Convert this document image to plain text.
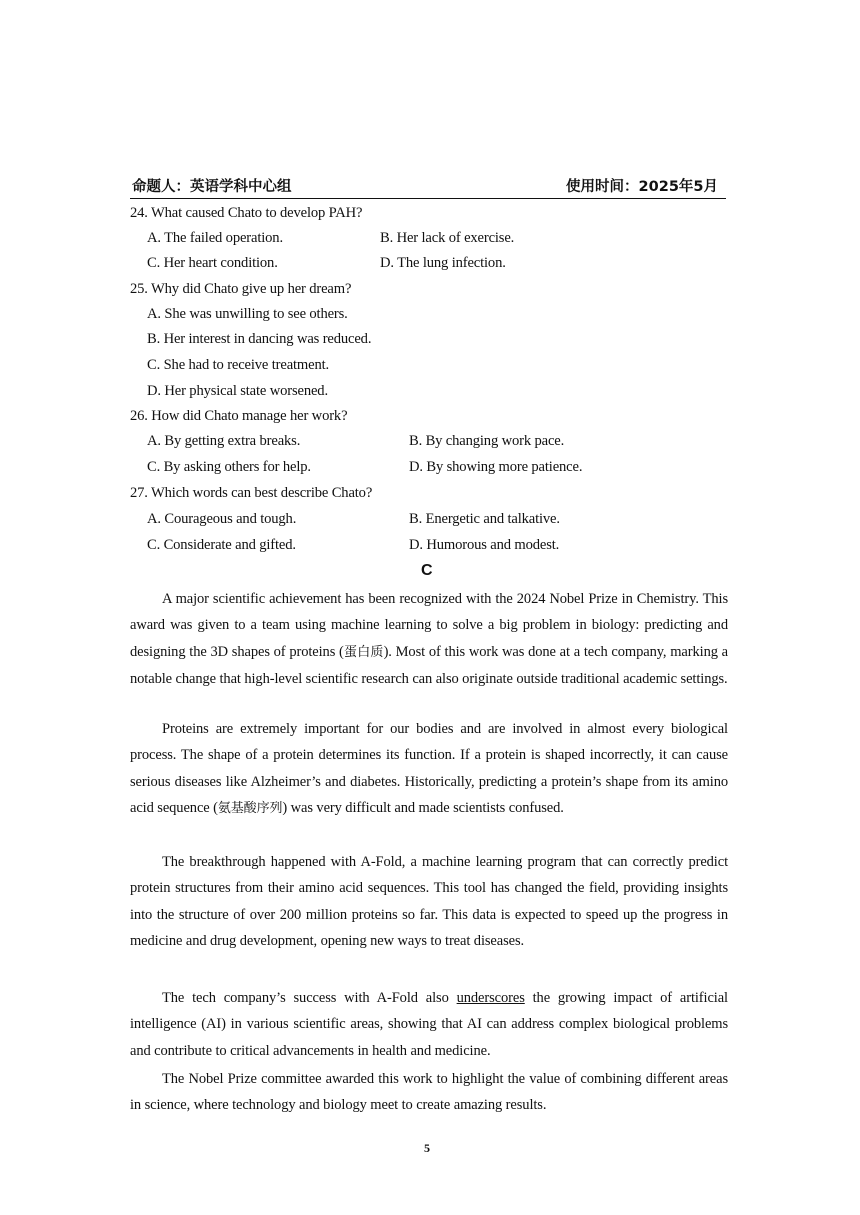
命题人：英语学科中心组	使用时间：2025年5月
24. What caused Chato to develop PAH?
A. The failed operation.	B. Her lack of exercise.
C. Her heart condition.	D. The lung infection.
25. Why did Chato give up her dream?
A. She was unwilling to see others.
B. Her interest in dancing was reduced.
C. She had to receive treatment.
D. Her physical state worsened.
26. How did Chato manage her work?
A. By getting extra breaks.	B. By changing work pace.
C. By asking others for help.	D. By showing more patience.
27. Which words can best describe Chato?
A. Courageous and tough.	B. Energetic and talkative.
C. Considerate and gifted.	D. Humorous and modest.
C

A major scientific achievement has been recognized with the 2024 Nobel Prize in Chemistry. This award was given to a team using machine learning to solve a big problem in biology: predicting and designing the 3D shapes of proteins (蛋白质). Most of this work was done at a tech company, marking a notable change that high-level scientific research can also originate outside traditional academic settings.

Proteins are extremely important for our bodies and are involved in almost every biological process. The shape of a protein determines its function. If a protein is shaped incorrectly, it can cause serious diseases like Alzheimer’s and diabetes. Historically, predicting a protein’s shape from its amino acid sequence (氨基酸序列) was very difficult and made scientists confused.

The breakthrough happened with A-Fold, a machine learning program that can correctly predict protein structures from their amino acid sequences. This tool has changed the field, providing insights into the structure of over 200 million proteins so far. This data is expected to speed up the progress in medicine and drug development, opening new ways to treat diseases.

The tech company’s success with A-Fold also underscores the growing impact of artificial intelligence (AI) in various scientific areas, showing that AI can address complex biological problems and contribute to critical advancements in health and medicine.

The Nobel Prize committee awarded this work to highlight the value of combining different areas in science, where technology and biology meet to create amazing results.

5
